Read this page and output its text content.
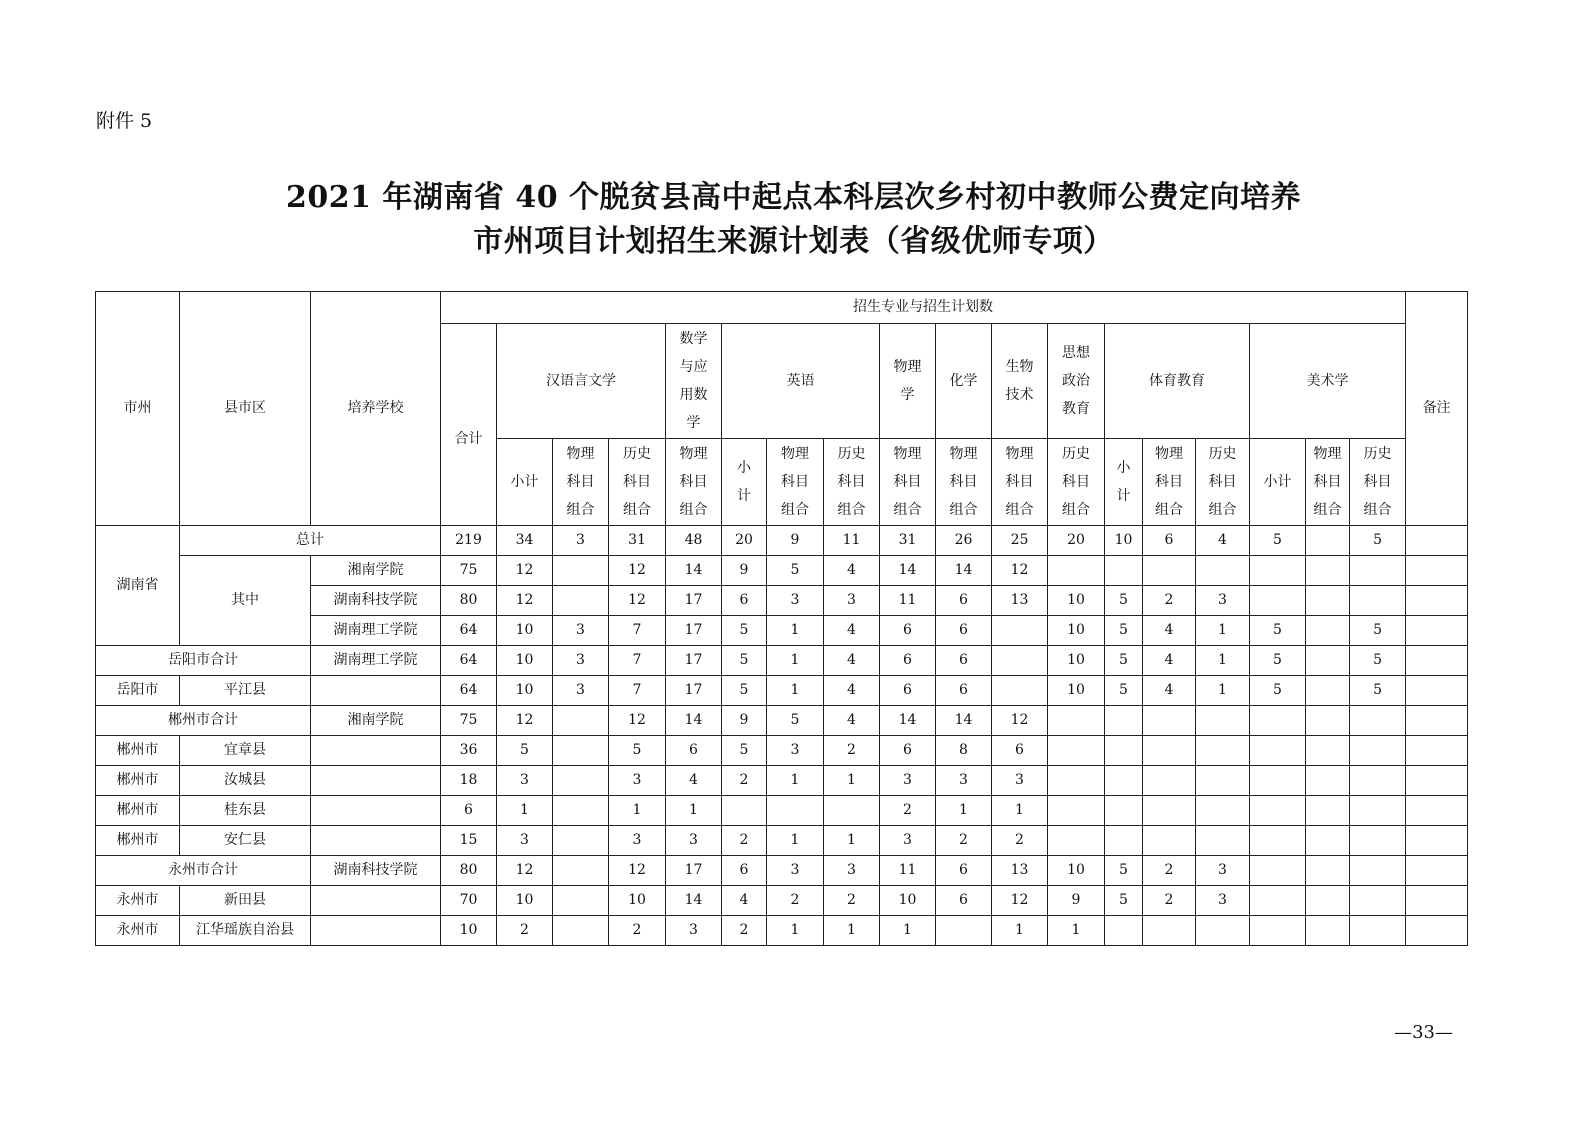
附件 5
2021 年湖南省 40 个脱贫县高中起点本科层次乡村初中教师公费定向培养
市州项目计划招生来源计划表（省级优师专项）
市州	县市区	培养学校	招生专业与招生计划数																		备注
			合计	汉语言文学			数学与应用数学	英语			物理学	化学	生物技术	思想政治教育	体育教育			美术学			
				小计	物理科目组合	历史科目组合	物理科目组合	小计	物理科目组合	历史科目组合	物理科目组合	物理科目组合	物理科目组合	历史科目组合	小计	物理科目组合	历史科目组合	小计	物理科目组合	历史科目组合	
湖南省	总计		219	34	3	31	48	20	9	11	31	26	25	20	10	6	4	5		5	
	其中	湘南学院	75	12		12	14	9	5	4	14	14	12								
		湖南科技学院	80	12		12	17	6	3	3	11	6	13	10	5	2	3				
		湖南理工学院	64	10	3	7	17	5	1	4	6	6		10	5	4	1	5		5	
岳阳市合计		湖南理工学院	64	10	3	7	17	5	1	4	6	6		10	5	4	1	5		5	
岳阳市	平江县		64	10	3	7	17	5	1	4	6	6		10	5	4	1	5		5	
郴州市合计		湘南学院	75	12		12	14	9	5	4	14	14	12								
郴州市	宜章县		36	5		5	6	5	3	2	6	8	6								
郴州市	汝城县		18	3		3	4	2	1	1	3	3	3								
郴州市	桂东县		6	1		1	1				2	1	1								
郴州市	安仁县		15	3		3	3	2	1	1	3	2	2								
永州市合计		湖南科技学院	80	12		12	17	6	3	3	11	6	13	10	5	2	3				
永州市	新田县		70	10		10	14	4	2	2	10	6	12	9	5	2	3				
永州市	江华瑶族自治县		10	2		2	3	2	1	1	1		1	1							
—33—
